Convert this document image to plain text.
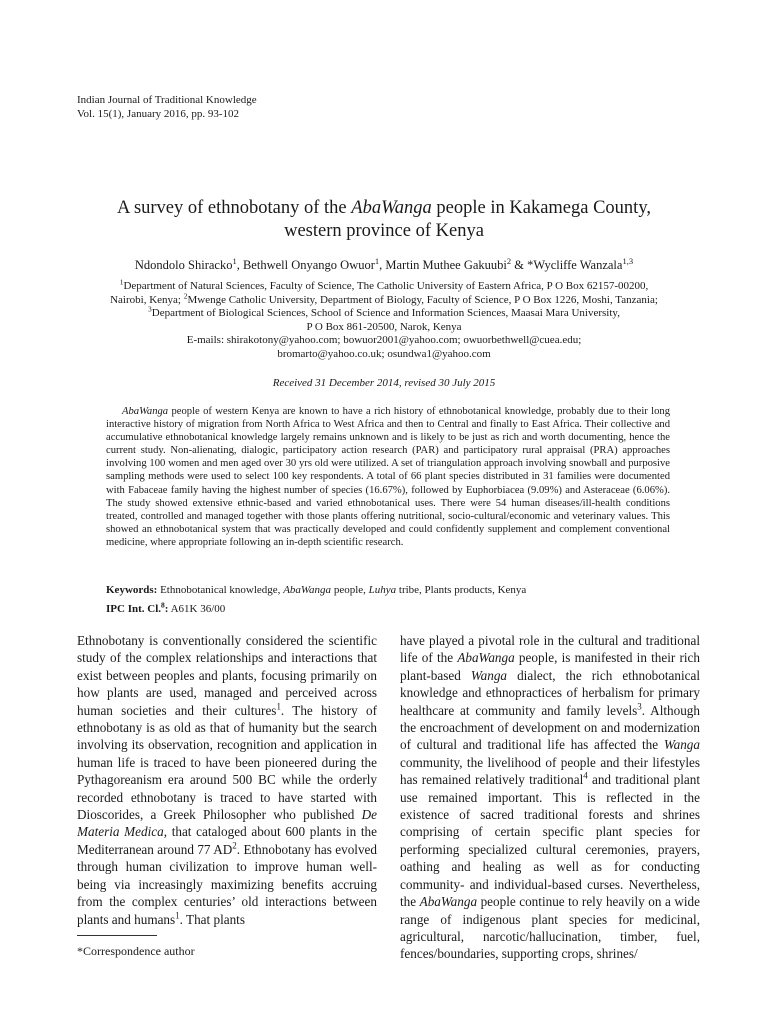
Indian Journal of Traditional Knowledge
Vol. 15(1), January 2016, pp. 93-102
A survey of ethnobotany of the AbaWanga people in Kakamega County,
western province of Kenya
Ndondolo Shiracko$^1$, Bethwell Onyango Owuor$^1$, Martin Muthee Gakuubi$^2$ & *Wycliffe Wanzala$^{1,3}$
$^1$Department of Natural Sciences, Faculty of Science, The Catholic University of Eastern Africa, P O Box 62157-00200,
Nairobi, Kenya; $^2$Mwenge Catholic University, Department of Biology, Faculty of Science, P O Box 1226, Moshi, Tanzania;
$^3$Department of Biological Sciences, School of Science and Information Sciences, Maasai Mara University,
P O Box 861-20500, Narok, Kenya
E-mails: shirakotony@yahoo.com; bowuor2001@yahoo.com; owuorbethwell@cuea.edu;
bromarto@yahoo.co.uk; osundwa1@yahoo.com
Received 31 December 2014, revised 30 July 2015

AbaWanga people of western Kenya are known to have a rich history of ethnobotanical knowledge, probably due to their long interactive history of migration from North Africa to West Africa and then to Central and finally to East Africa. Their collective and accumulative ethnobotanical knowledge largely remains unknown and is likely to be just as rich and worth documenting, hence the current study. Non-alienating, dialogic, participatory action research (PAR) and participatory rural appraisal (PRA) approaches involving 100 women and men aged over 30 yrs old were utilized. A set of triangulation approach involving snowball and purposive sampling methods were used to select 100 key respondents. A total of 66 plant species distributed in 31 families were documented with Fabaceae family having the highest number of species (16.67%), followed by Euphorbiacea (9.09%) and Asteraceae (6.06%). The study showed extensive ethnic-based and varied ethnobotanical uses. There were 54 human diseases/ill-health conditions treated, controlled and managed together with those plants offering nutritional, socio-cultural/economic and veterinary values. This showed an ethnobotanical system that was practically developed and could confidently supplement and complement conventional medicine, where appropriate following an in-depth scientific research.

Keywords: Ethnobotanical knowledge, AbaWanga people, Luhya tribe, Plants products, Kenya
IPC Int. Cl.$^8$: A61K 36/00

Ethnobotany is conventionally considered the scientific study of the complex relationships and interactions that exist between peoples and plants, focusing primarily on how plants are used, managed and perceived across human societies and their cultures$^1$. The history of ethnobotany is as old as that of humanity but the search involving its observation, recognition and application in human life is traced to have been pioneered during the Pythagoreanism era around 500 BC while the orderly recorded ethnobotany is traced to have started with Dioscorides, a Greek Philosopher who published De Materia Medica, that cataloged about 600 plants in the Mediterranean around 77 $AD^2$. Ethnobotany has evolved through human civilization to improve human well-being via increasingly maximizing benefits accruing from the complex centuries’ old interactions between plants and humans$^1$. That plants

have played a pivotal role in the cultural and traditional life of the AbaWanga people, is manifested in their rich plant-based Wanga dialect, the rich ethnobotanical knowledge and ethnopractices of herbalism for primary healthcare at community and family levels$^3$. Although the encroachment of development on and modernization of cultural and traditional life has affected the Wanga community, the livelihood of people and their lifestyles has remained relatively traditional$^4$ and traditional plant use remained important. This is reflected in the existence of sacred traditional forests and shrines comprising of certain specific plant species for performing specialized cultural ceremonies, prayers, oathing and healing as well as for conducting community- and individual-based curses. Nevertheless, the AbaWanga people continue to rely heavily on a wide range of indigenous plant species for medicinal, agricultural, narcotic/hallucination, timber, fuel, fences/boundaries, supporting crops, shrines/

*Correspondence author
